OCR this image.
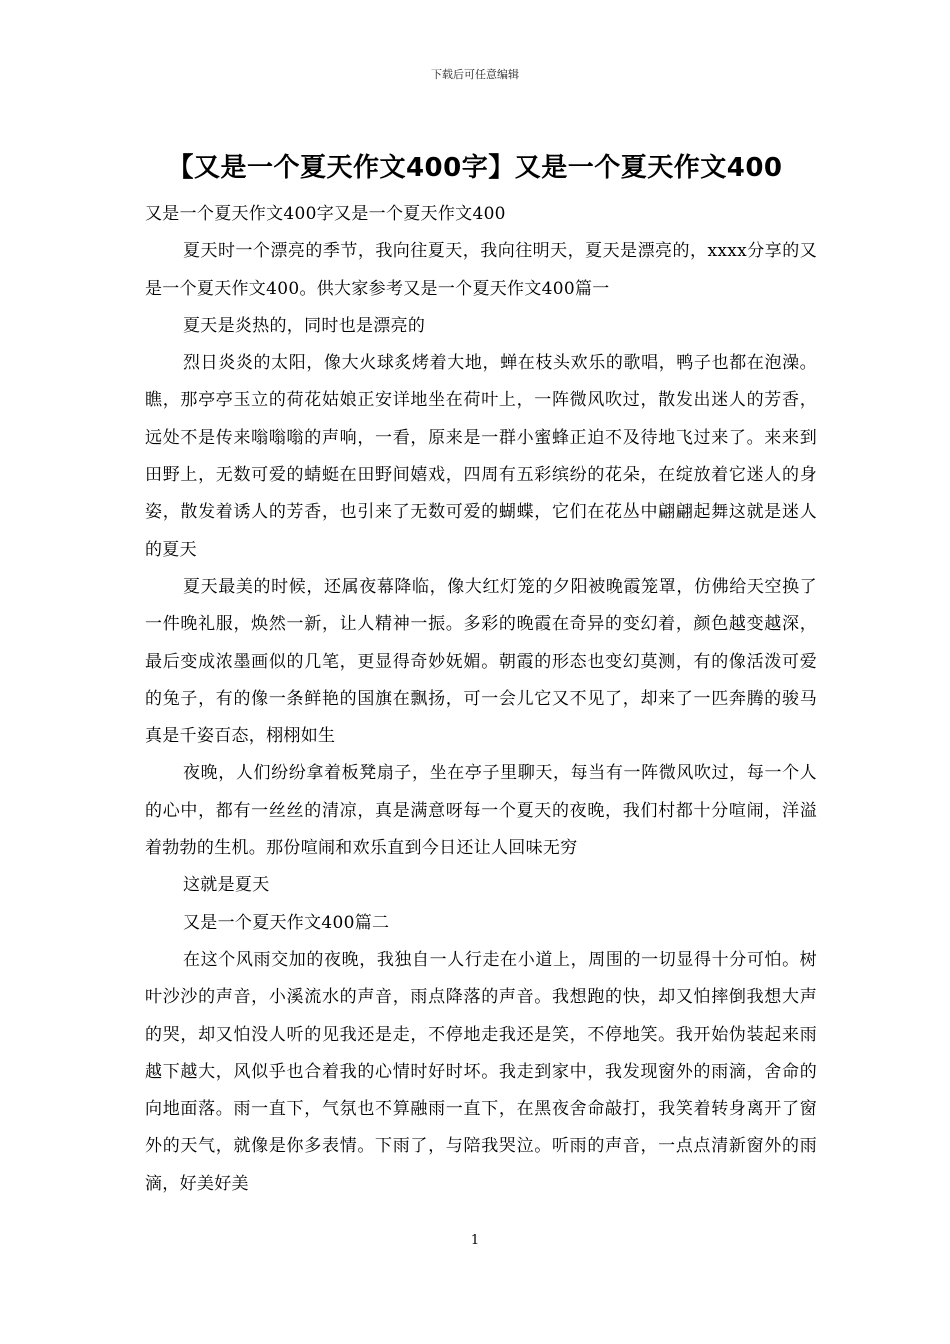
下载后可任意编辑
【又是一个夏天作文400字】又是一个夏天作文400

又是一个夏天作文400字又是一个夏天作文400

夏天时一个漂亮的季节，我向往夏天，我向往明天，夏天是漂亮的，xxxx分享的又是一个夏天作文400。供大家参考又是一个夏天作文400篇一

夏天是炎热的，同时也是漂亮的

烈日炎炎的太阳，像大火球炙烤着大地，蝉在枝头欢乐的歌唱，鸭子也都在泡澡。瞧，那亭亭玉立的荷花姑娘正安详地坐在荷叶上，一阵微风吹过，散发出迷人的芳香，远处不是传来嗡嗡嗡的声响，一看，原来是一群小蜜蜂正迫不及待地飞过来了。来来到田野上，无数可爱的蜻蜓在田野间嬉戏，四周有五彩缤纷的花朵，在绽放着它迷人的身姿，散发着诱人的芳香，也引来了无数可爱的蝴蝶，它们在花丛中翩翩起舞这就是迷人的夏天

夏天最美的时候，还属夜幕降临，像大红灯笼的夕阳被晚霞笼罩，仿佛给天空换了一件晚礼服，焕然一新，让人精神一振。多彩的晚霞在奇异的变幻着，颜色越变越深，最后变成浓墨画似的几笔，更显得奇妙妩媚。朝霞的形态也变幻莫测，有的像活泼可爱的兔子，有的像一条鲜艳的国旗在飘扬，可一会儿它又不见了，却来了一匹奔腾的骏马真是千姿百态，栩栩如生

夜晚，人们纷纷拿着板凳扇子，坐在亭子里聊天，每当有一阵微风吹过，每一个人的心中，都有一丝丝的清凉，真是满意呀每一个夏天的夜晚，我们村都十分喧闹，洋溢着勃勃的生机。那份喧闹和欢乐直到今日还让人回味无穷

这就是夏天

又是一个夏天作文400篇二

在这个风雨交加的夜晚，我独自一人行走在小道上，周围的一切显得十分可怕。树叶沙沙的声音，小溪流水的声音，雨点降落的声音。我想跑的快，却又怕摔倒我想大声的哭，却又怕没人听的见我还是走，不停地走我还是笑，不停地笑。我开始伪装起来雨越下越大，风似乎也合着我的心情时好时坏。我走到家中，我发现窗外的雨滴，舍命的向地面落。雨一直下，气氛也不算融雨一直下，在黑夜舍命敲打，我笑着转身离开了窗外的天气，就像是你多表情。下雨了，与陪我哭泣。听雨的声音，一点点清新窗外的雨滴，好美好美

1
